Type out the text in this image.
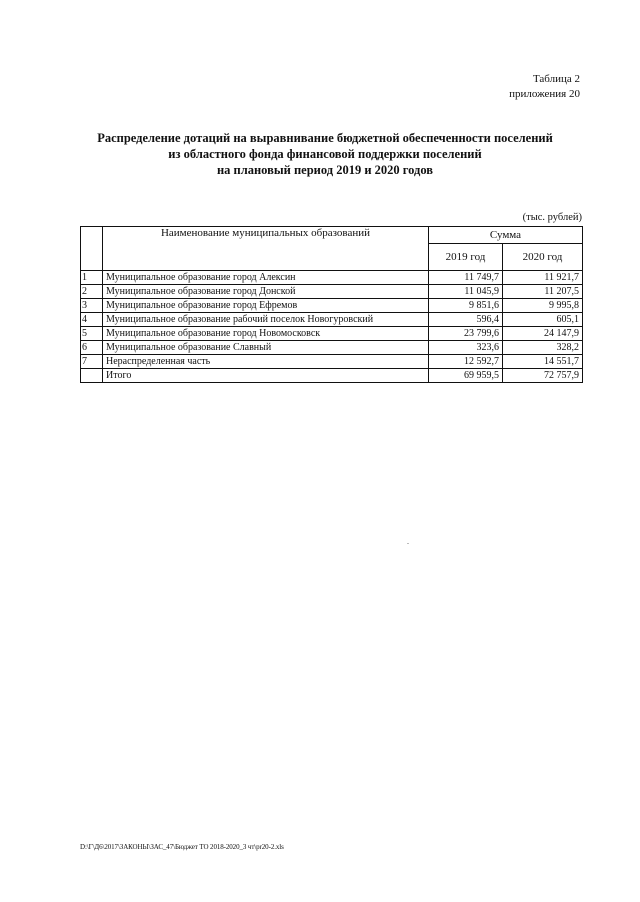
Таблица 2
приложения 20
Распределение дотаций на выравнивание бюджетной обеспеченности поселений
из областного фонда финансовой поддержки поселений
на плановый период 2019 и 2020 годов
(тыс. рублей)
	Наименование муниципальных образований	Сумма	
		2019 год	2020 год
1	Муниципальное образование город Алексин	11 749,7	11 921,7
2	Муниципальное образование город Донской	11 045,9	11 207,5
3	Муниципальное образование город Ефремов	9 851,6	9 995,8
4	Муниципальное образование рабочий поселок Новогуровский	596,4	605,1
5	Муниципальное образование город Новомосковск	23 799,6	24 147,9
6	Муниципальное образование Славный	323,6	328,2
7	Нераспределенная часть	12 592,7	14 551,7
	Итого	69 959,5	72 757,9
D:\Г\Д6\2017\ЗАКОНЫ\ЗАС_47\Бюджет ТО 2018-2020_3 чт\pr20-2.xls
